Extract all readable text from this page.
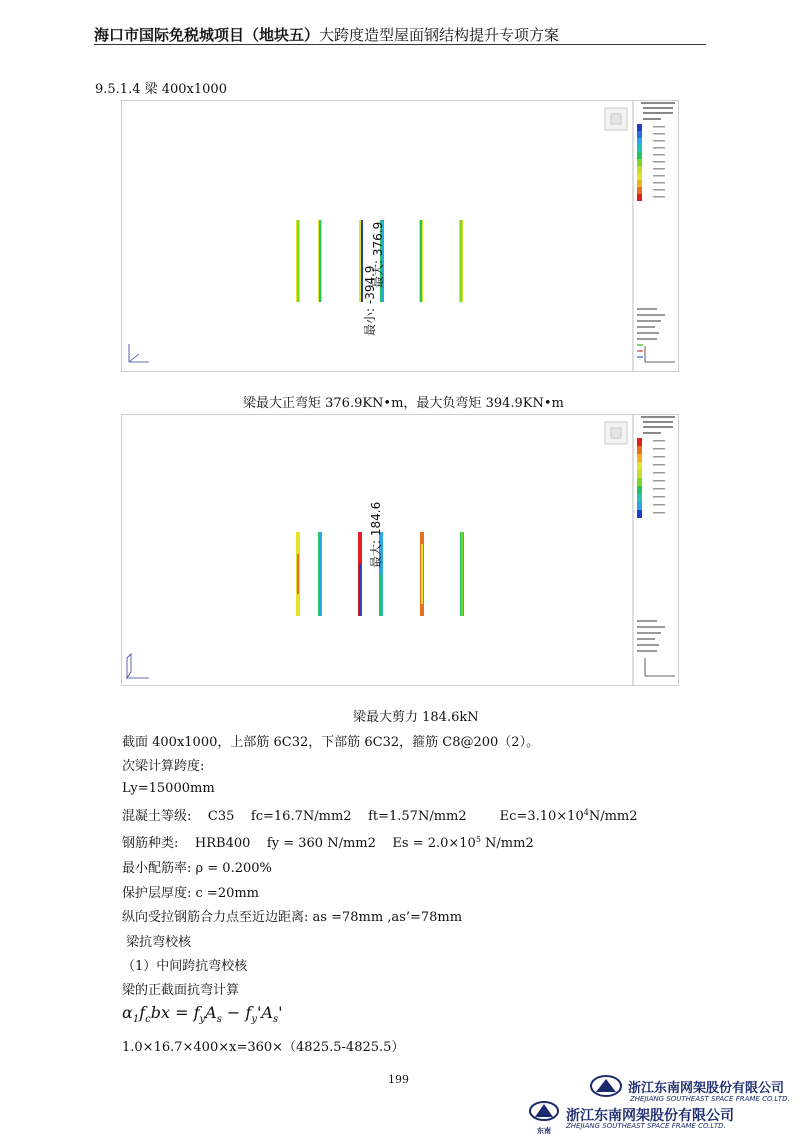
海口市国际免税城项目（地块五）大跨度造型屋面钢结构提升专项方案
9.5.1.4 梁 400x1000
最小: -394.9
最大: 376.9
梁最大正弯矩 376.9KN•m，最大负弯矩 394.9KN•m
最大: 184.6
梁最大剪力 184.6kN
截面 400x1000，上部筋 6C32，下部筋 6C32，箍筋 C8@200（2）。
次梁计算跨度:
Ly=15000mm
混凝土等级:    C35    fc=16.7N/mm2    ft=1.57N/mm2        $Ec=3.10\times 10^4N/mm2$
钢筋种类:    HRB400    fy = 360 N/mm2    $Es = 2.0\times 10^5$ N/mm2
最小配筋率: ρ = 0.200%
保护层厚度: c =20mm
纵向受拉钢筋合力点至近边距离: as =78mm ,as’=78mm
梁抗弯校核
（1）中间跨抗弯校核
梁的正截面抗弯计算
$\alpha_1f_cbx = f_yA_s - f_y'A_s'$
1.0×16.7×400×x=360×（4825.5-4825.5）
199
浙江东南网架股份有限公司
ZHEJIANG SOUTHEAST SPACE FRAME CO.LTD.
东南
浙江东南网架股份有限公司
ZHEJIANG SOUTHEAST SPACE FRAME CO.LTD.
